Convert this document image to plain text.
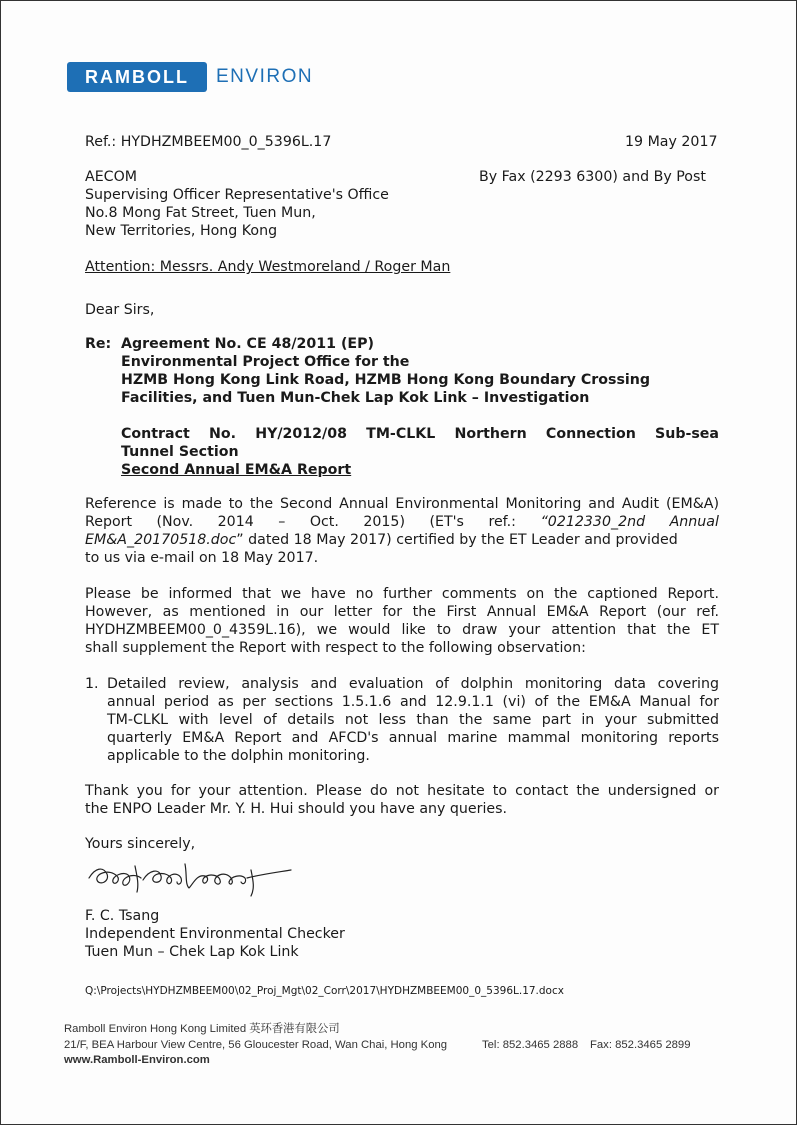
RAMBOLL	ENVIRON
Ref.: HYDHZMBEEM00_0_5396L.17	19 May 2017
AECOM	By Fax (2293 6300) and By Post
Supervising Officer Representative's Office
No.8 Mong Fat Street, Tuen Mun,
New Territories, Hong Kong
Attention: Messrs. Andy Westmoreland / Roger Man
Dear Sirs,
Re: Agreement No. CE 48/2011 (EP)
Environmental Project Office for the
HZMB Hong Kong Link Road, HZMB Hong Kong Boundary Crossing
Facilities, and Tuen Mun-Chek Lap Kok Link – Investigation
Contract No. HY/2012/08 TM-CLKL Northern Connection Sub-sea
Tunnel Section
Second Annual EM&A Report
Reference is made to the Second Annual Environmental Monitoring and Audit (EM&A)
Report (Nov. 2014 – Oct. 2015) (ET's ref.: “0212330_2nd Annual
EM&A_20170518.doc” dated 18 May 2017) certified by the ET Leader and provided
to us via e-mail on 18 May 2017.
Please be informed that we have no further comments on the captioned Report.
However, as mentioned in our letter for the First Annual EM&A Report (our ref.
HYDHZMBEEM00_0_4359L.16), we would like to draw your attention that the ET
shall supplement the Report with respect to the following observation:
1. Detailed review, analysis and evaluation of dolphin monitoring data covering
annual period as per sections 1.5.1.6 and 12.9.1.1 (vi) of the EM&A Manual for
TM-CLKL with level of details not less than the same part in your submitted
quarterly EM&A Report and AFCD's annual marine mammal monitoring reports
applicable to the dolphin monitoring.
Thank you for your attention. Please do not hesitate to contact the undersigned or
the ENPO Leader Mr. Y. H. Hui should you have any queries.
Yours sincerely,
F. C. Tsang
Independent Environmental Checker
Tuen Mun – Chek Lap Kok Link
Q:\Projects\HYDHZMBEEM00\02_Proj_Mgt\02_Corr\2017\HYDHZMBEEM00_0_5396L.17.docx
Ramboll Environ Hong Kong Limited 英环香港有限公司
21/F, BEA Harbour View Centre, 56 Gloucester Road, Wan Chai, Hong Kong	Tel: 852.3465 2888 Fax: 852.3465 2899
www.Ramboll-Environ.com
